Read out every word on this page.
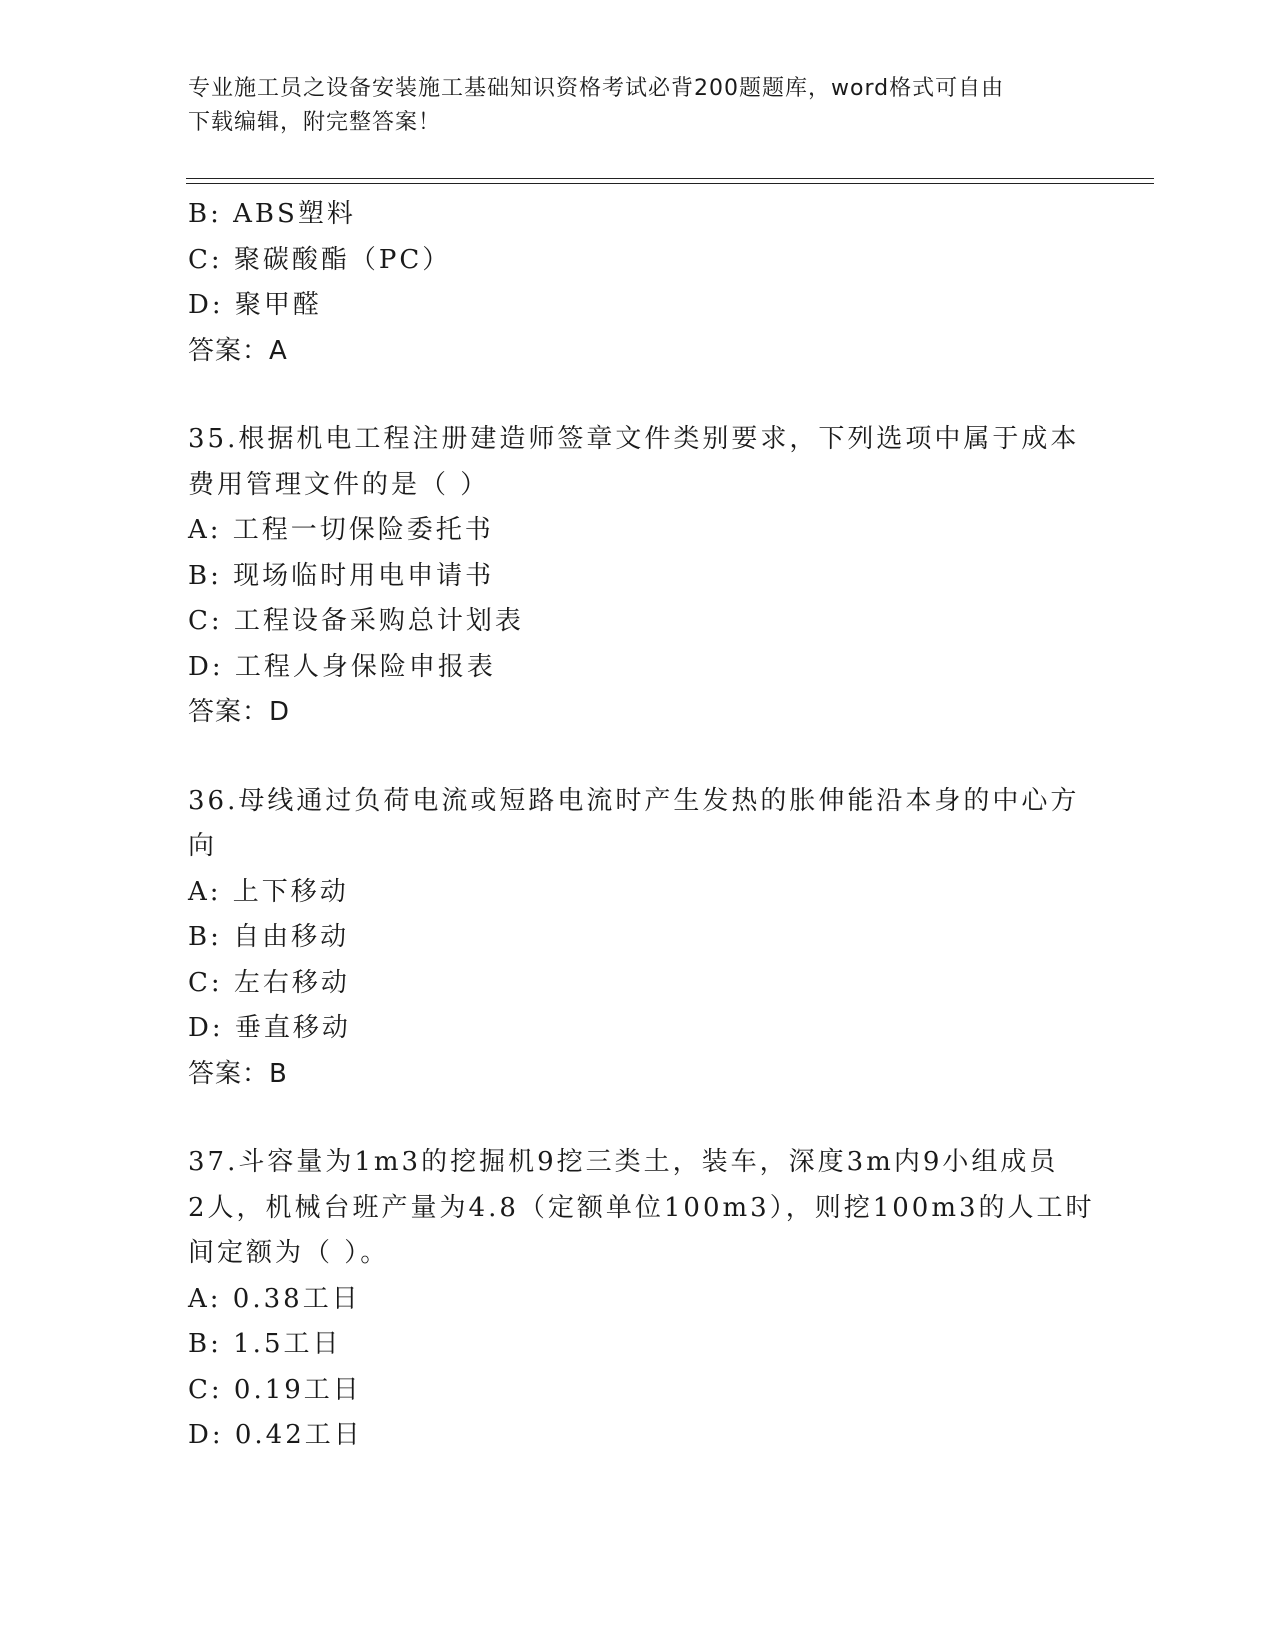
专业施工员之设备安装施工基础知识资格考试必背200题题库，word格式可自由
下载编辑，附完整答案！
B: ABS塑料
C: 聚碳酸酯（PC）
D: 聚甲醛
答案：A
35.根据机电工程注册建造师签章文件类别要求，下列选项中属于成本
费用管理文件的是（ ）
A: 工程一切保险委托书
B: 现场临时用电申请书
C: 工程设备采购总计划表
D: 工程人身保险申报表
答案：D
36.母线通过负荷电流或短路电流时产生发热的胀伸能沿本身的中心方
向
A: 上下移动
B: 自由移动
C: 左右移动
D: 垂直移动
答案：B
37.斗容量为1m3的挖掘机9挖三类土，装车，深度3m内9小组成员
2人，机械台班产量为4.8（定额单位100m3），则挖100m3的人工时
间定额为（ ）。
A: 0.38工日
B: 1.5工日
C: 0.19工日
D: 0.42工日
